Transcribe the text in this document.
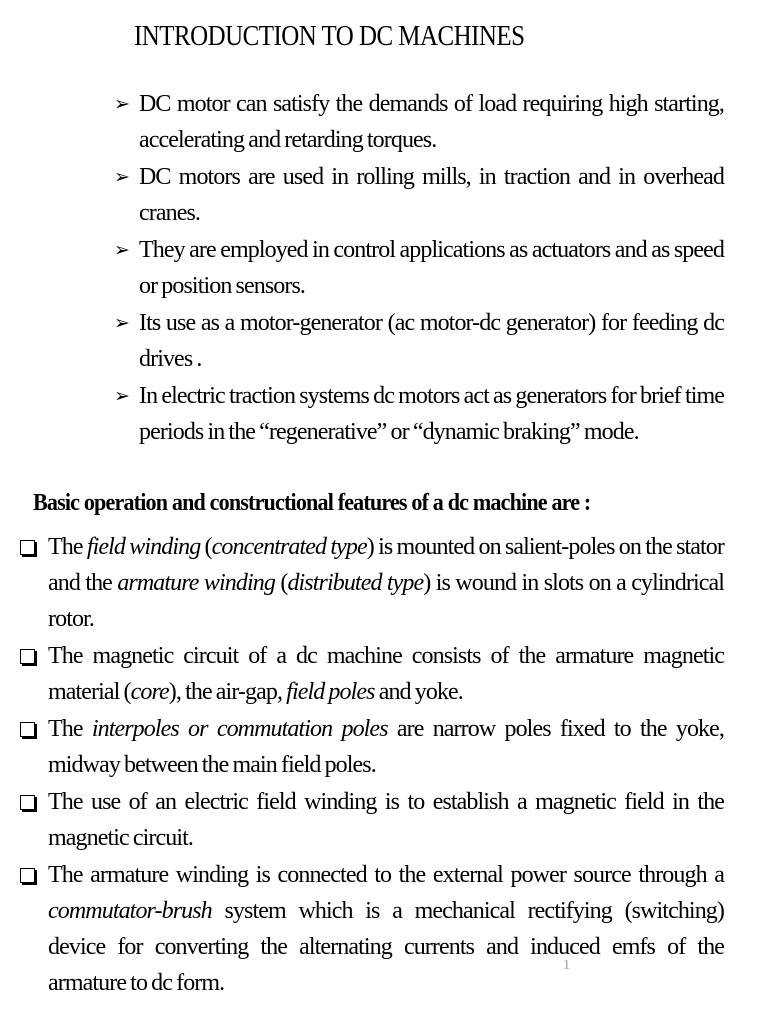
INTRODUCTION TO DC MACHINES
➢ DC motor can satisfy the demands of load requiring high starting, accelerating and retarding torques.
➢ DC motors are used in rolling mills, in traction and in overhead cranes.
➢ They are employed in control applications as actuators and as speed or position sensors.
➢ Its use as a motor-generator (ac motor-dc generator) for feeding dc drives .
➢ In electric traction systems dc motors act as generators for brief time periods in the “regenerative” or “dynamic braking” mode.
Basic operation and constructional features of a dc machine are :
The field winding (concentrated type) is mounted on salient-poles on the stator and the armature winding (distributed type) is wound in slots on a cylindrical rotor.
The magnetic circuit of a dc machine consists of the armature magnetic material (core), the air-gap, field poles and yoke.
The interpoles or commutation poles are narrow poles fixed to the yoke, midway between the main field poles.
The use of an electric field winding is to establish a magnetic field in the magnetic circuit.
The armature winding is connected to the external power source through a commutator-brush system which is a mechanical rectifying (switching) device for converting the alternating currents and induced emfs of the armature to dc form.
1
